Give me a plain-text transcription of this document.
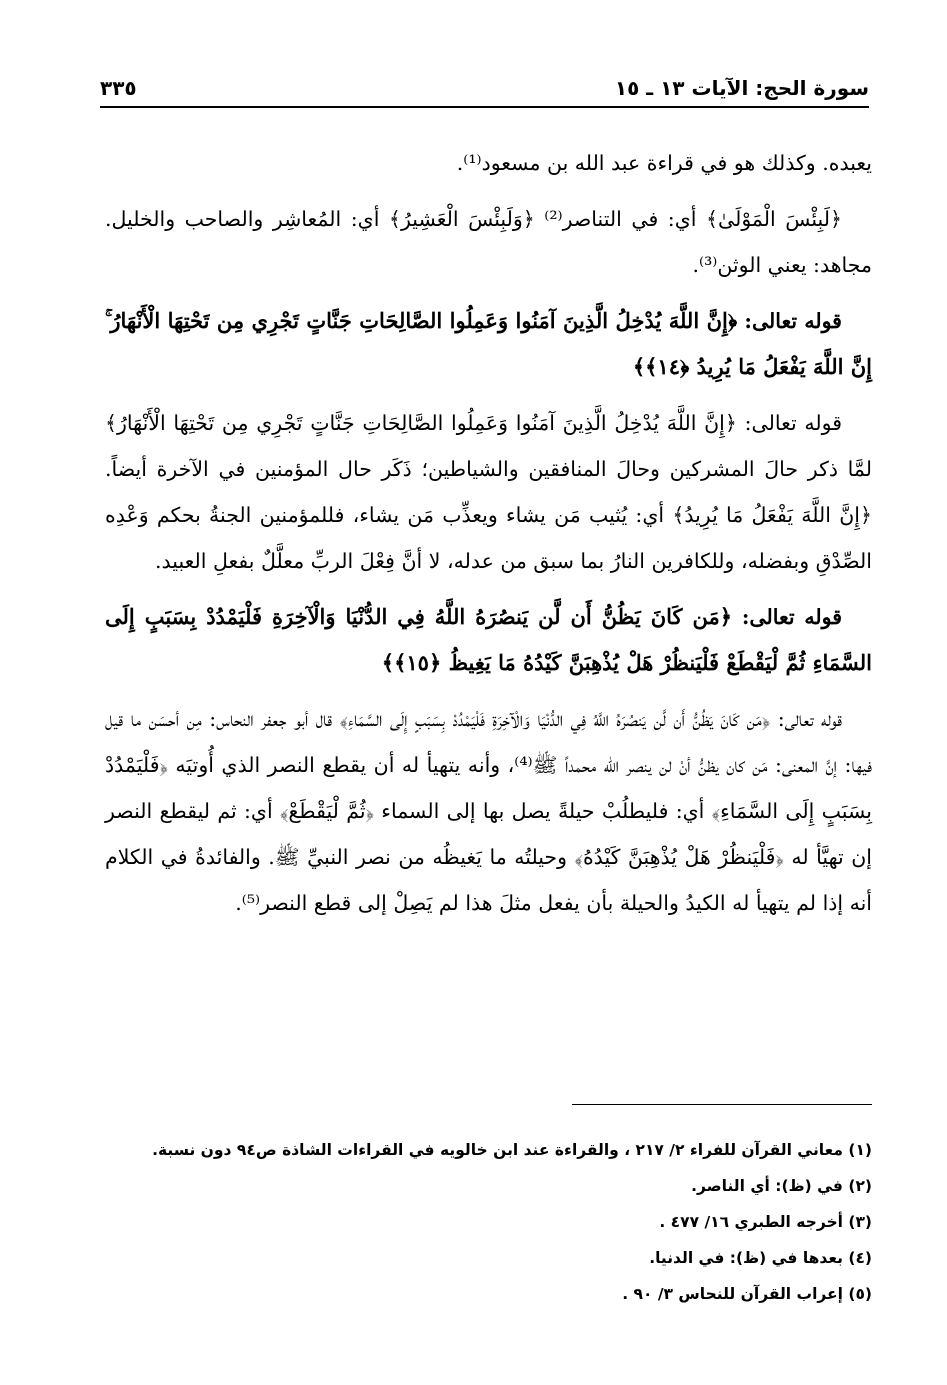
سورة الحج: الآيات ١٣ ـ ١٥
٣٣٥

يعبده. وكذلك هو في قراءة عبد الله بن مسعود⁽¹⁾.

﴿لَبِئْسَ الْمَوْلَىٰ﴾ أي: في التناصر⁽²⁾ ﴿وَلَبِئْسَ الْعَشِيرُ﴾ أي: المُعاشِر والصاحب والخليل. مجاهد: يعني الوثن⁽³⁾.

قوله تعالى: ﴿إِنَّ اللَّهَ يُدْخِلُ الَّذِينَ آمَنُوا وَعَمِلُوا الصَّالِحَاتِ جَنَّاتٍ تَجْرِي مِن تَحْتِهَا الْأَنْهَارُ ۚ إِنَّ اللَّهَ يَفْعَلُ مَا يُرِيدُ ﴿١٤﴾﴾

قوله تعالى: ﴿إِنَّ اللَّهَ يُدْخِلُ الَّذِينَ آمَنُوا وَعَمِلُوا الصَّالِحَاتِ جَنَّاتٍ تَجْرِي مِن تَحْتِهَا الْأَنْهَارُ﴾ لمَّا ذكر حالَ المشركين وحالَ المنافقين والشياطين؛ ذَكَر حال المؤمنين في الآخرة أيضاً. ﴿إِنَّ اللَّهَ يَفْعَلُ مَا يُرِيدُ﴾ أي: يُثيب مَن يشاء ويعذِّب مَن يشاء، فللمؤمنين الجنةُ بحكم وَعْدِه الصِّدْقِ وبفضله، وللكافرين النارُ بما سبق من عدله، لا أنَّ فِعْلَ الربِّ معلَّلٌ بفعلِ العبيد.

قوله تعالى: ﴿مَن كَانَ يَظُنُّ أَن لَّن يَنصُرَهُ اللَّهُ فِي الدُّنْيَا وَالْآخِرَةِ فَلْيَمْدُدْ بِسَبَبٍ إِلَى السَّمَاءِ ثُمَّ لْيَقْطَعْ فَلْيَنظُرْ هَلْ يُذْهِبَنَّ كَيْدُهُ مَا يَغِيظُ ﴿١٥﴾﴾

قوله تعالى: ﴿مَن كَانَ يَظُنُّ أَن لَّن يَنصُرَهُ اللَّهُ فِي الدُّنْيَا وَالْآخِرَةِ فَلْيَمْدُدْ بِسَبَبٍ إِلَى السَّمَاءِ﴾ قال أبو جعفر النحاس: مِن أحسَن ما قيل فيها: إنَّ المعنى: مَن كان يظنُّ أنْ لن ينصر الله محمداً ﷺ⁽⁴⁾، وأنه يتهيأ له أن يقطع النصر الذي أُوتيَه ﴿فَلْيَمْدُدْ بِسَبَبٍ إِلَى السَّمَاءِ﴾ أي: فليطلُبْ حيلةً يصل بها إلى السماء ﴿ثُمَّ لْيَقْطَعْ﴾ أي: ثم ليقطع النصر إن تهيَّأ له ﴿فَلْيَنظُرْ هَلْ يُذْهِبَنَّ كَيْدُهُ﴾ وحيلتُه ما يَغيظُه من نصر النبيِّ ﷺ. والفائدةُ في الكلام أنه إذا لم يتهيأ له الكيدُ والحيلة بأن يفعل مثلَ هذا لم يَصِلْ إلى قطع النصر⁽⁵⁾.

(١) معاني القرآن للفراء ٢/ ٢١٧ ، والقراءة عند ابن خالويه في القراءات الشاذة ص٩٤ دون نسبة.
(٢) في (ظ): أي الناصر.
(٣) أخرجه الطبري ١٦/ ٤٧٧ .
(٤) بعدها في (ظ): في الدنيا.
(٥) إعراب القرآن للنحاس ٣/ ٩٠ .
